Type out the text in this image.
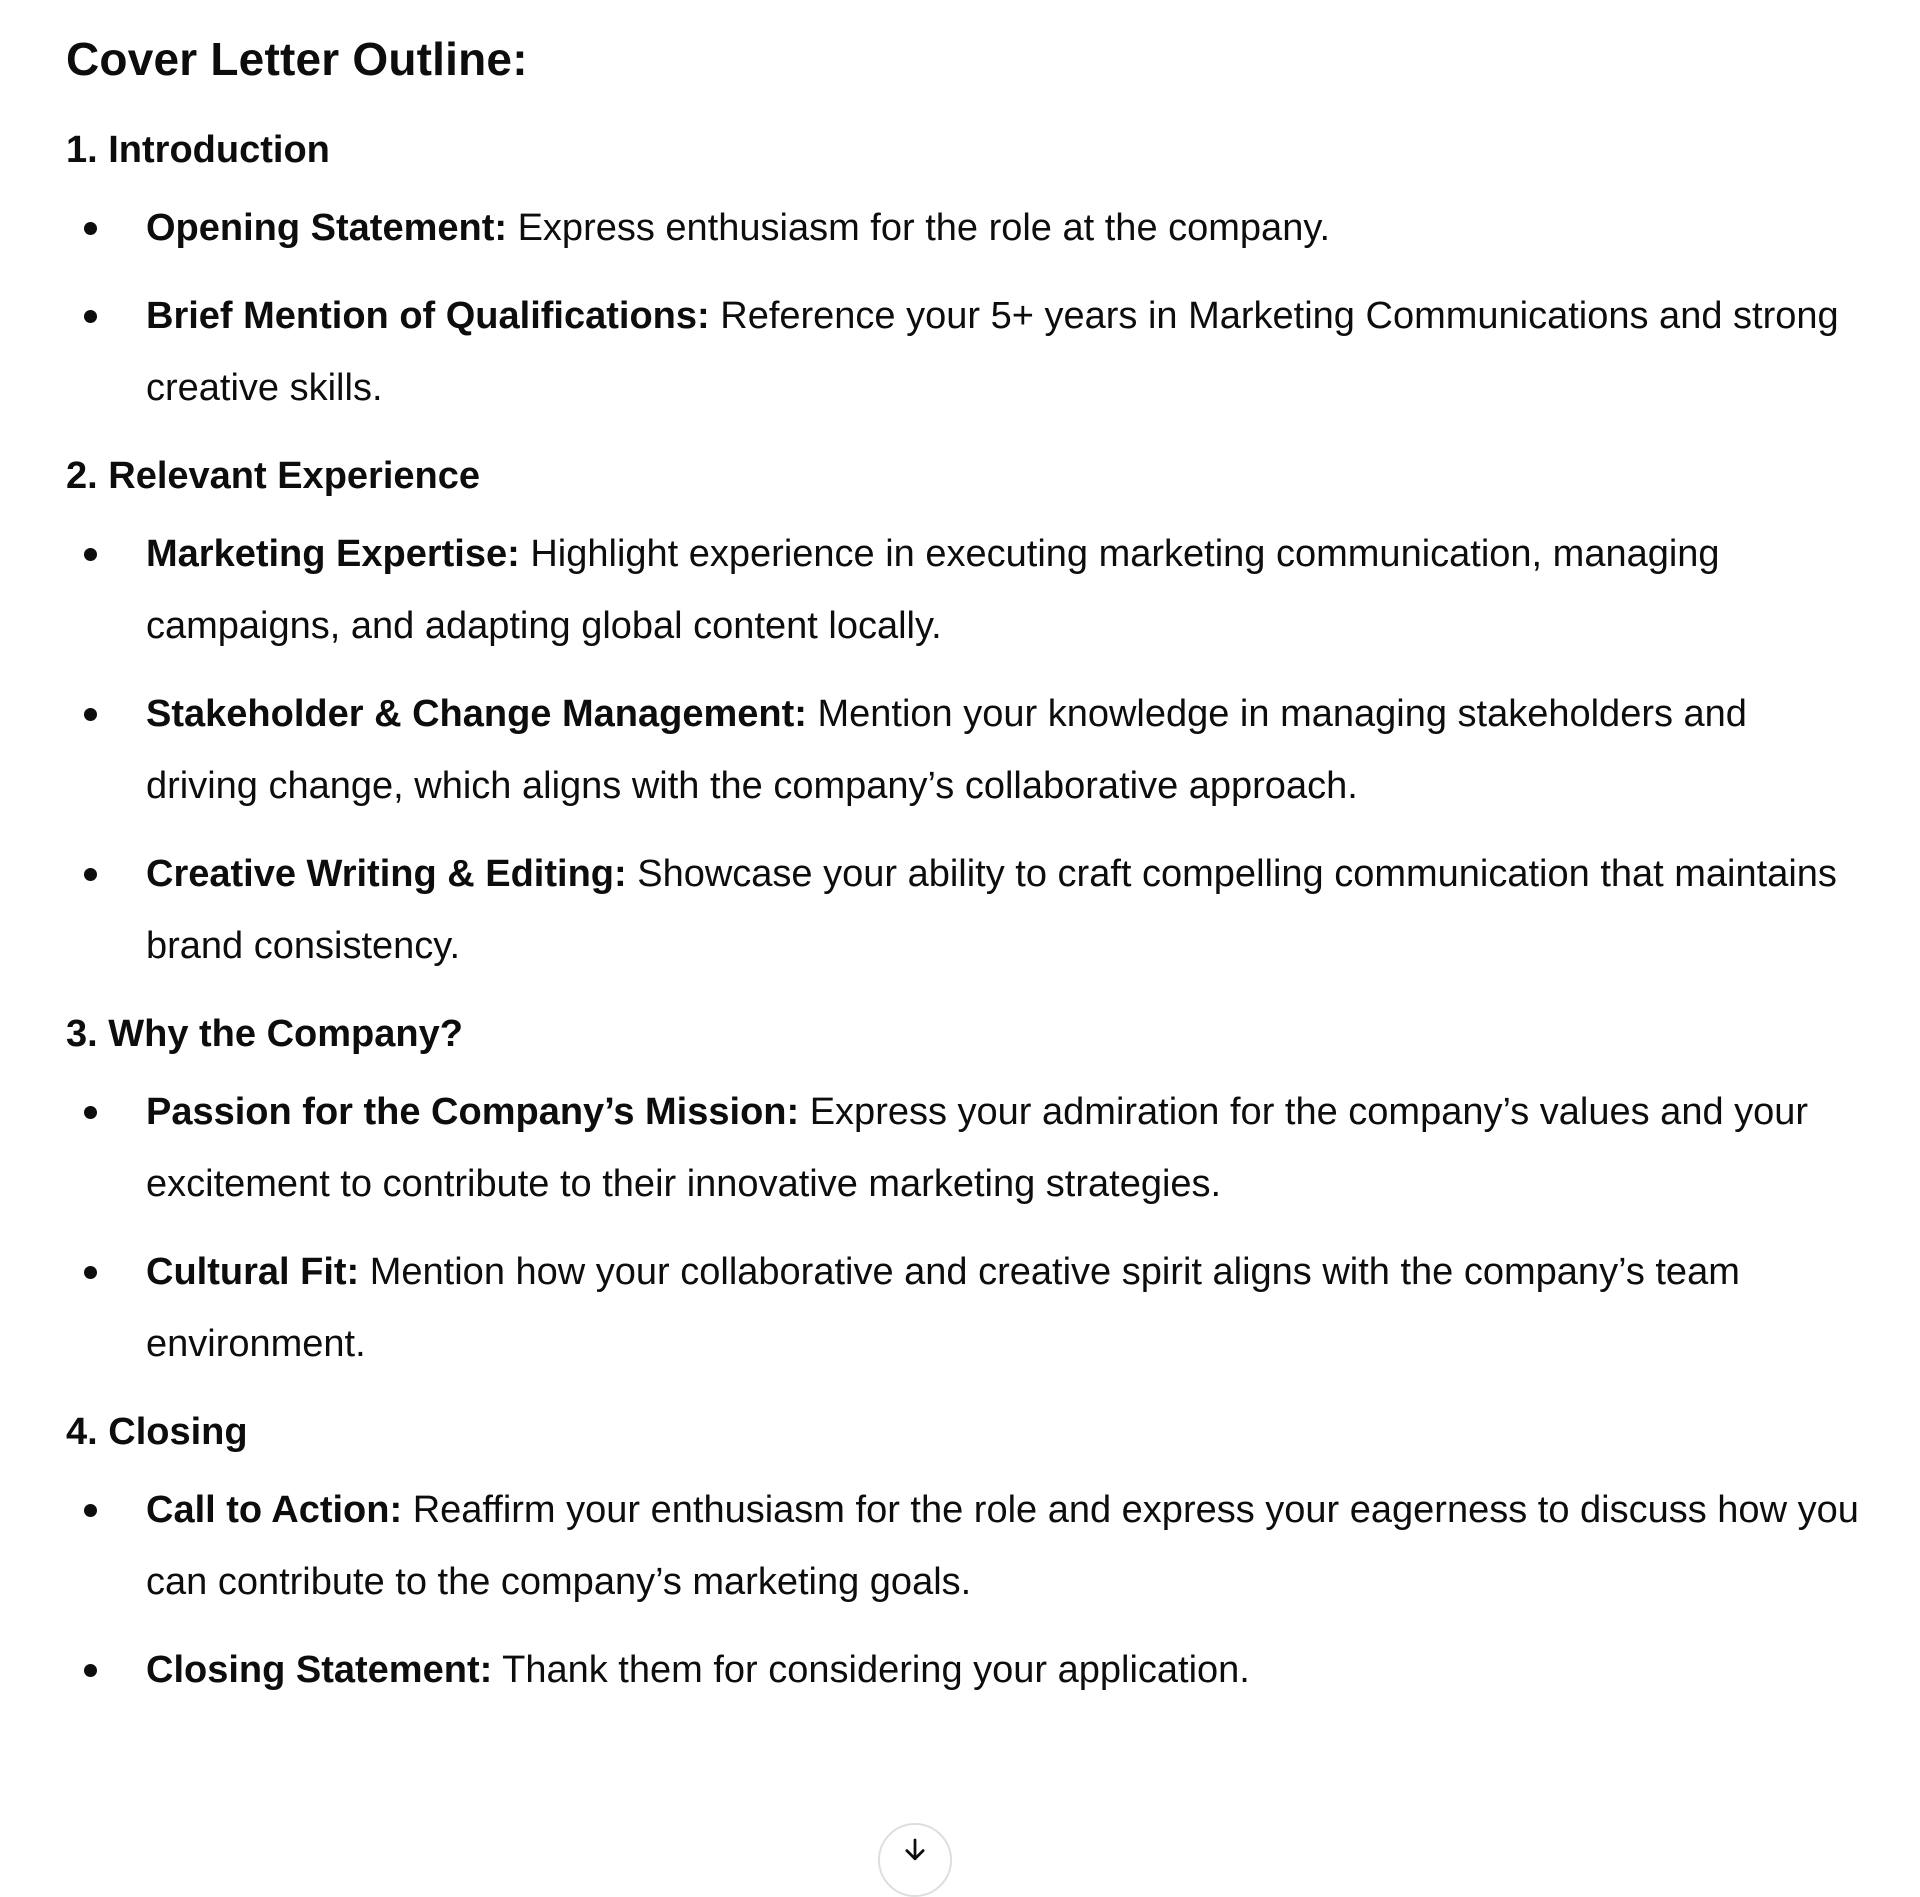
Cover Letter Outline:
1. Introduction
Opening Statement: Express enthusiasm for the role at the company.
Brief Mention of Qualifications: Reference your 5+ years in Marketing Communications and strong creative skills.
2. Relevant Experience
Marketing Expertise: Highlight experience in executing marketing communication, managing campaigns, and adapting global content locally.
Stakeholder & Change Management: Mention your knowledge in managing stakeholders and driving change, which aligns with the company’s collaborative approach.
Creative Writing & Editing: Showcase your ability to craft compelling communication that maintains brand consistency.
3. Why the Company?
Passion for the Company’s Mission: Express your admiration for the company’s values and your excitement to contribute to their innovative marketing strategies.
Cultural Fit: Mention how your collaborative and creative spirit aligns with the company’s team environment.
4. Closing
Call to Action: Reaffirm your enthusiasm for the role and express your eagerness to discuss how you can contribute to the company’s marketing goals.
Closing Statement: Thank them for considering your application.
